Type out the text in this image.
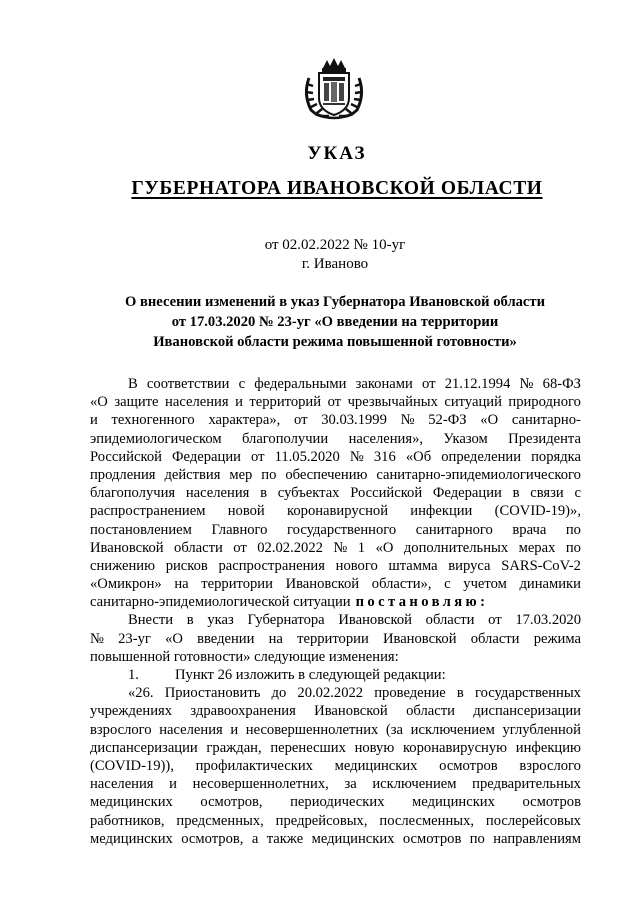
УКАЗ
ГУБЕРНАТОРА ИВАНОВСКОЙ ОБЛАСТИ
от 02.02.2022 № 10-уг
г. Иваново
О внесении изменений в указ Губернатора Ивановской области
от 17.03.2020 № 23-уг «О введении на территории
Ивановской области режима повышенной готовности»
В соответствии с федеральными законами от 21.12.1994 № 68-ФЗ
«О защите населения и территорий от чрезвычайных ситуаций природного
и техногенного характера», от 30.03.1999 № 52-ФЗ «О санитарно-
эпидемиологическом благополучии населения», Указом Президента
Российской Федерации от 11.05.2020 № 316 «Об определении порядка
продления действия мер по обеспечению санитарно-эпидемиологического
благополучия населения в субъектах Российской Федерации в связи с
распространением новой коронавирусной инфекции (COVID-19)»,
постановлением Главного государственного санитарного врача по
Ивановской области от 02.02.2022 № 1 «О дополнительных мерах по
снижению рисков распространения нового штамма вируса SARS-CoV-2
«Омикрон» на территории Ивановской области», с учетом динамики
санитарно-эпидемиологической ситуации постановляю:
Внести в указ Губернатора Ивановской области от 17.03.2020
№ 23-уг «О введении на территории Ивановской области режима
повышенной готовности» следующие изменения:
1.	Пункт 26 изложить в следующей редакции:
«26. Приостановить до 20.02.2022 проведение в государственных
учреждениях здравоохранения Ивановской области диспансеризации
взрослого населения и несовершеннолетних (за исключением углубленной
диспансеризации граждан, перенесших новую коронавирусную инфекцию
(COVID-19)), профилактических медицинских осмотров взрослого
населения и несовершеннолетних, за исключением предварительных
медицинских осмотров, периодических медицинских осмотров
работников, предсменных, предрейсовых, послесменных, послерейсовых
медицинских осмотров, а также медицинских осмотров по направлениям
